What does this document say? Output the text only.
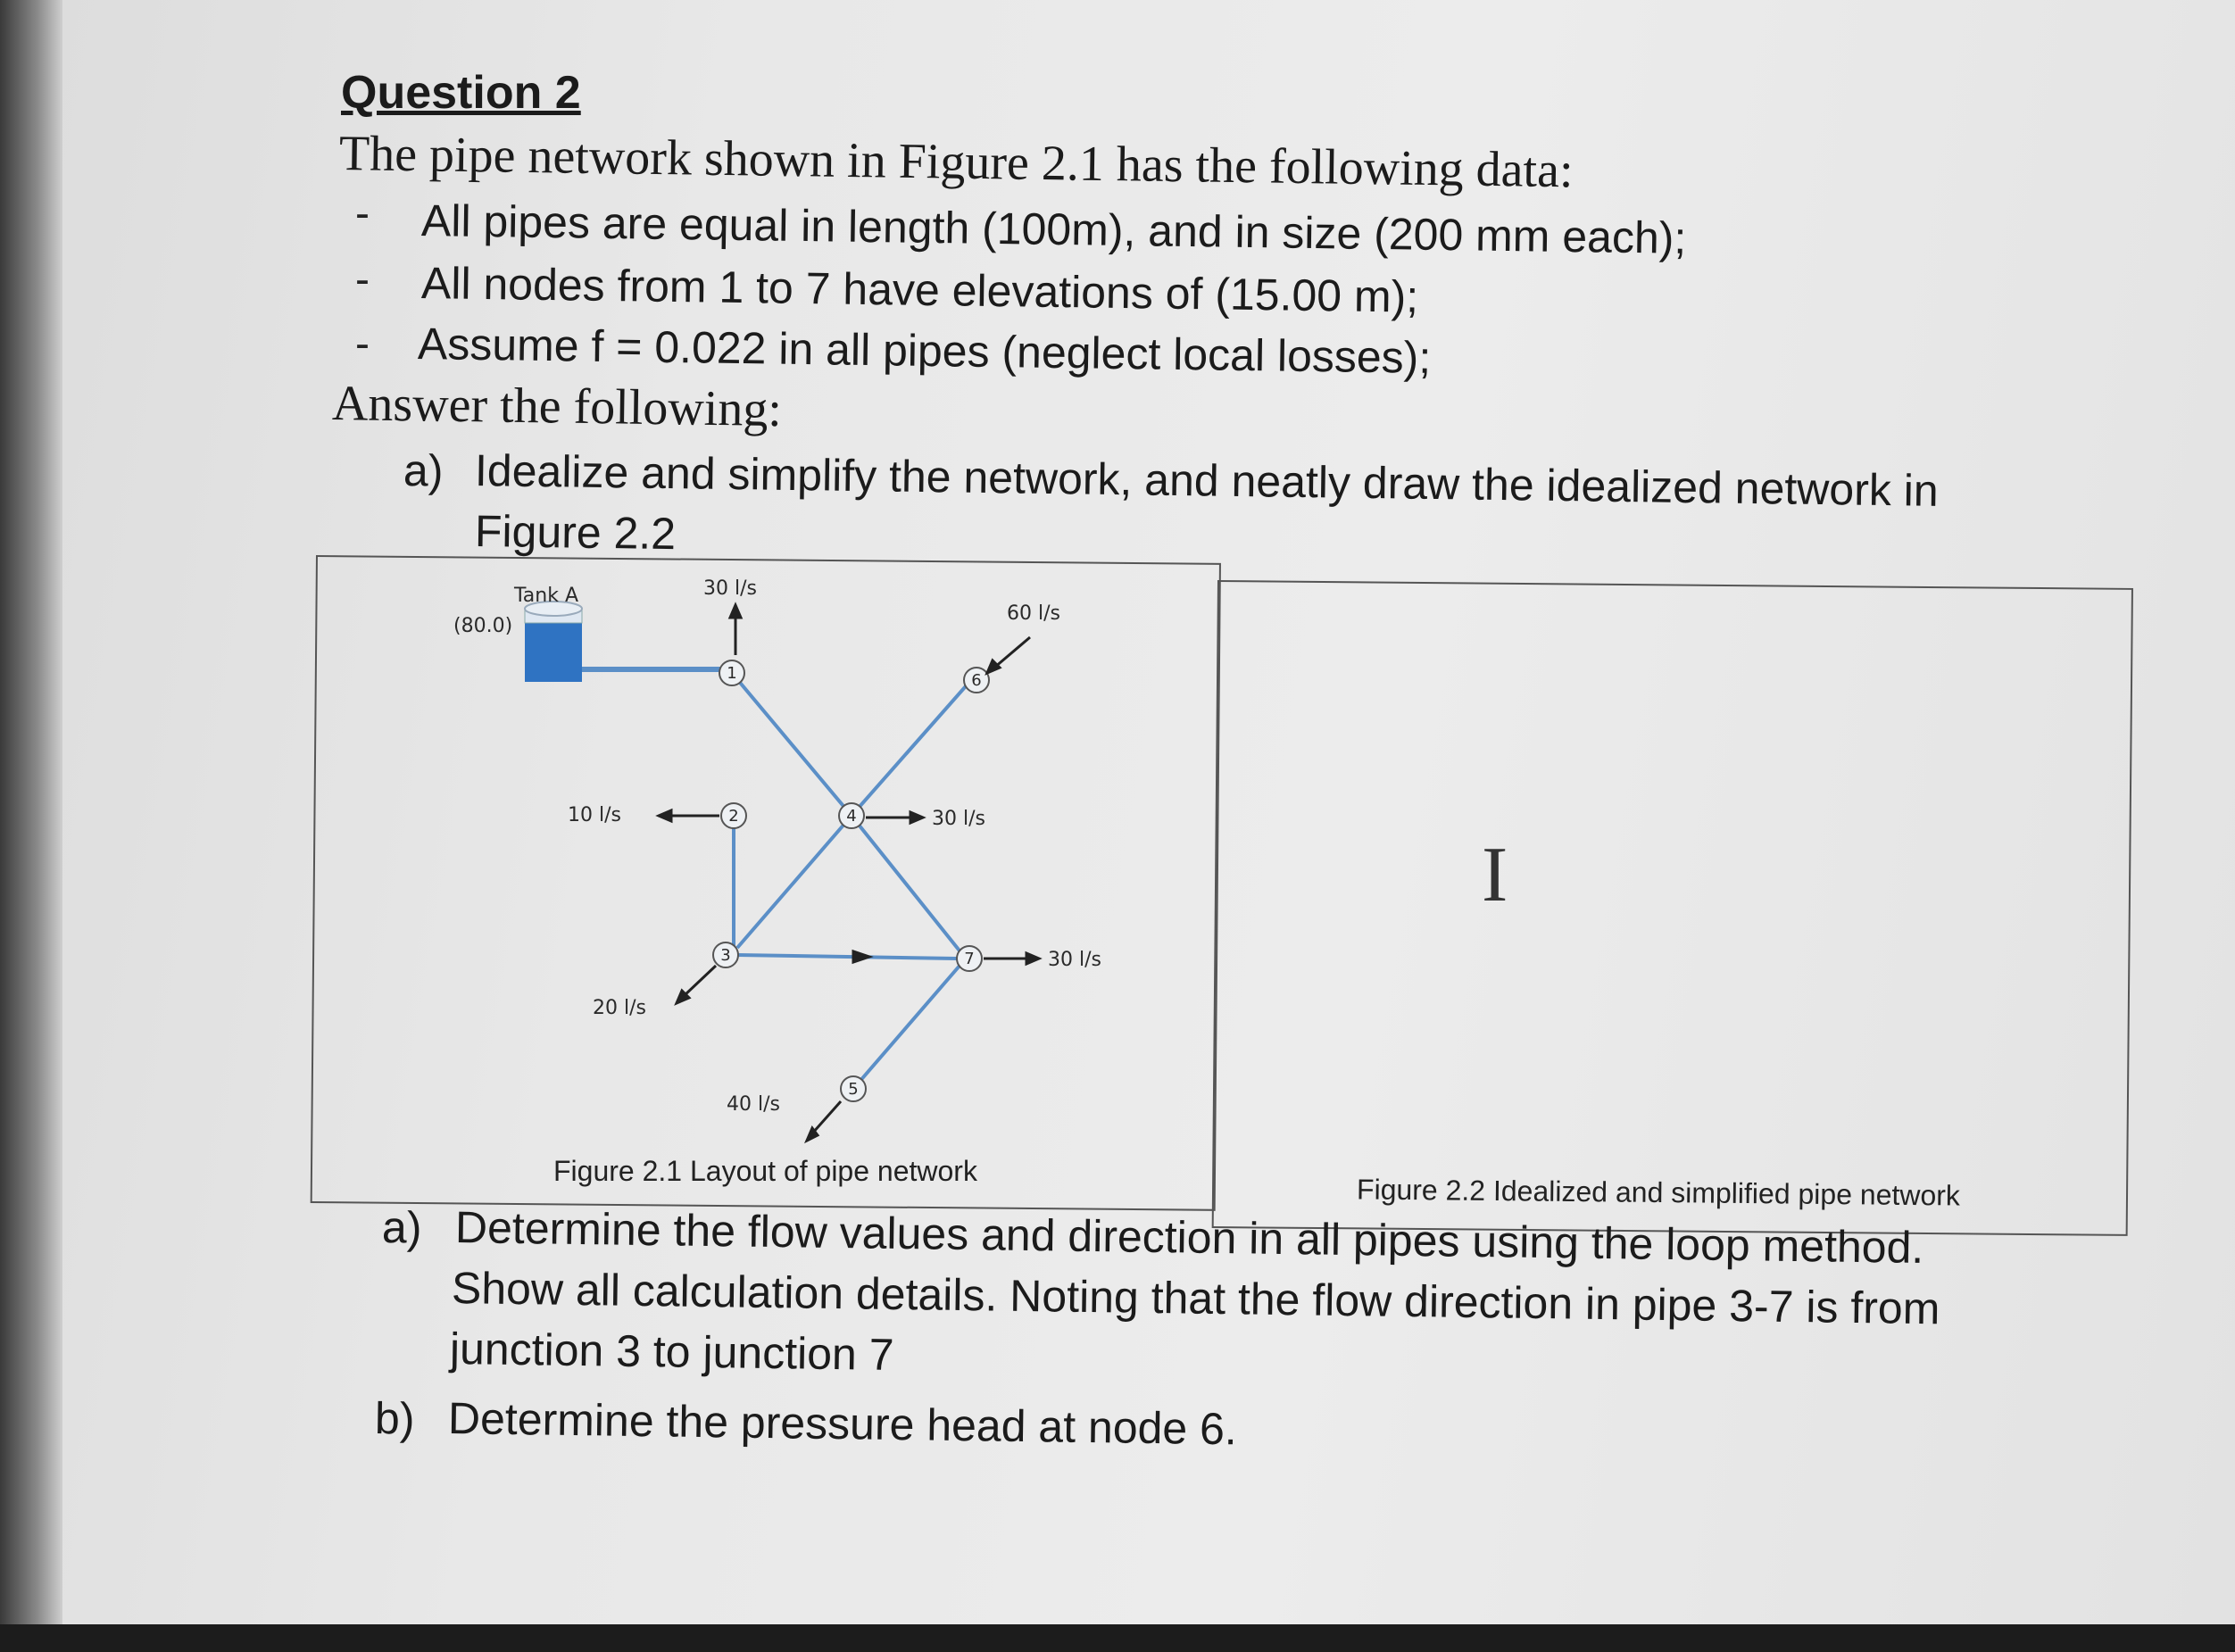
Question 2
The pipe network shown in Figure 2.1 has the following data:
- All pipes are equal in length (100m), and in size (200 mm each);
- All nodes from 1 to 7 have elevations of (15.00 m);
- Assume f = 0.022 in all pipes (neglect local losses);
Answer the following:
a) Idealize and simplify the network, and neatly draw the idealized network in
Figure 2.2
Tank A
(80.0)
1
2
3
4
5
6
7
30 l/s
60 l/s
10 l/s	30 l/s
30 l/s
20 l/s
40 l/s
Figure 2.1 Layout of pipe network
Figure 2.2 Idealized and simplified pipe network
I
a) Determine the flow values and direction in all pipes using the loop method.
Show all calculation details. Noting that the flow direction in pipe 3-7 is from
junction 3 to junction 7
b) Determine the pressure head at node 6.
